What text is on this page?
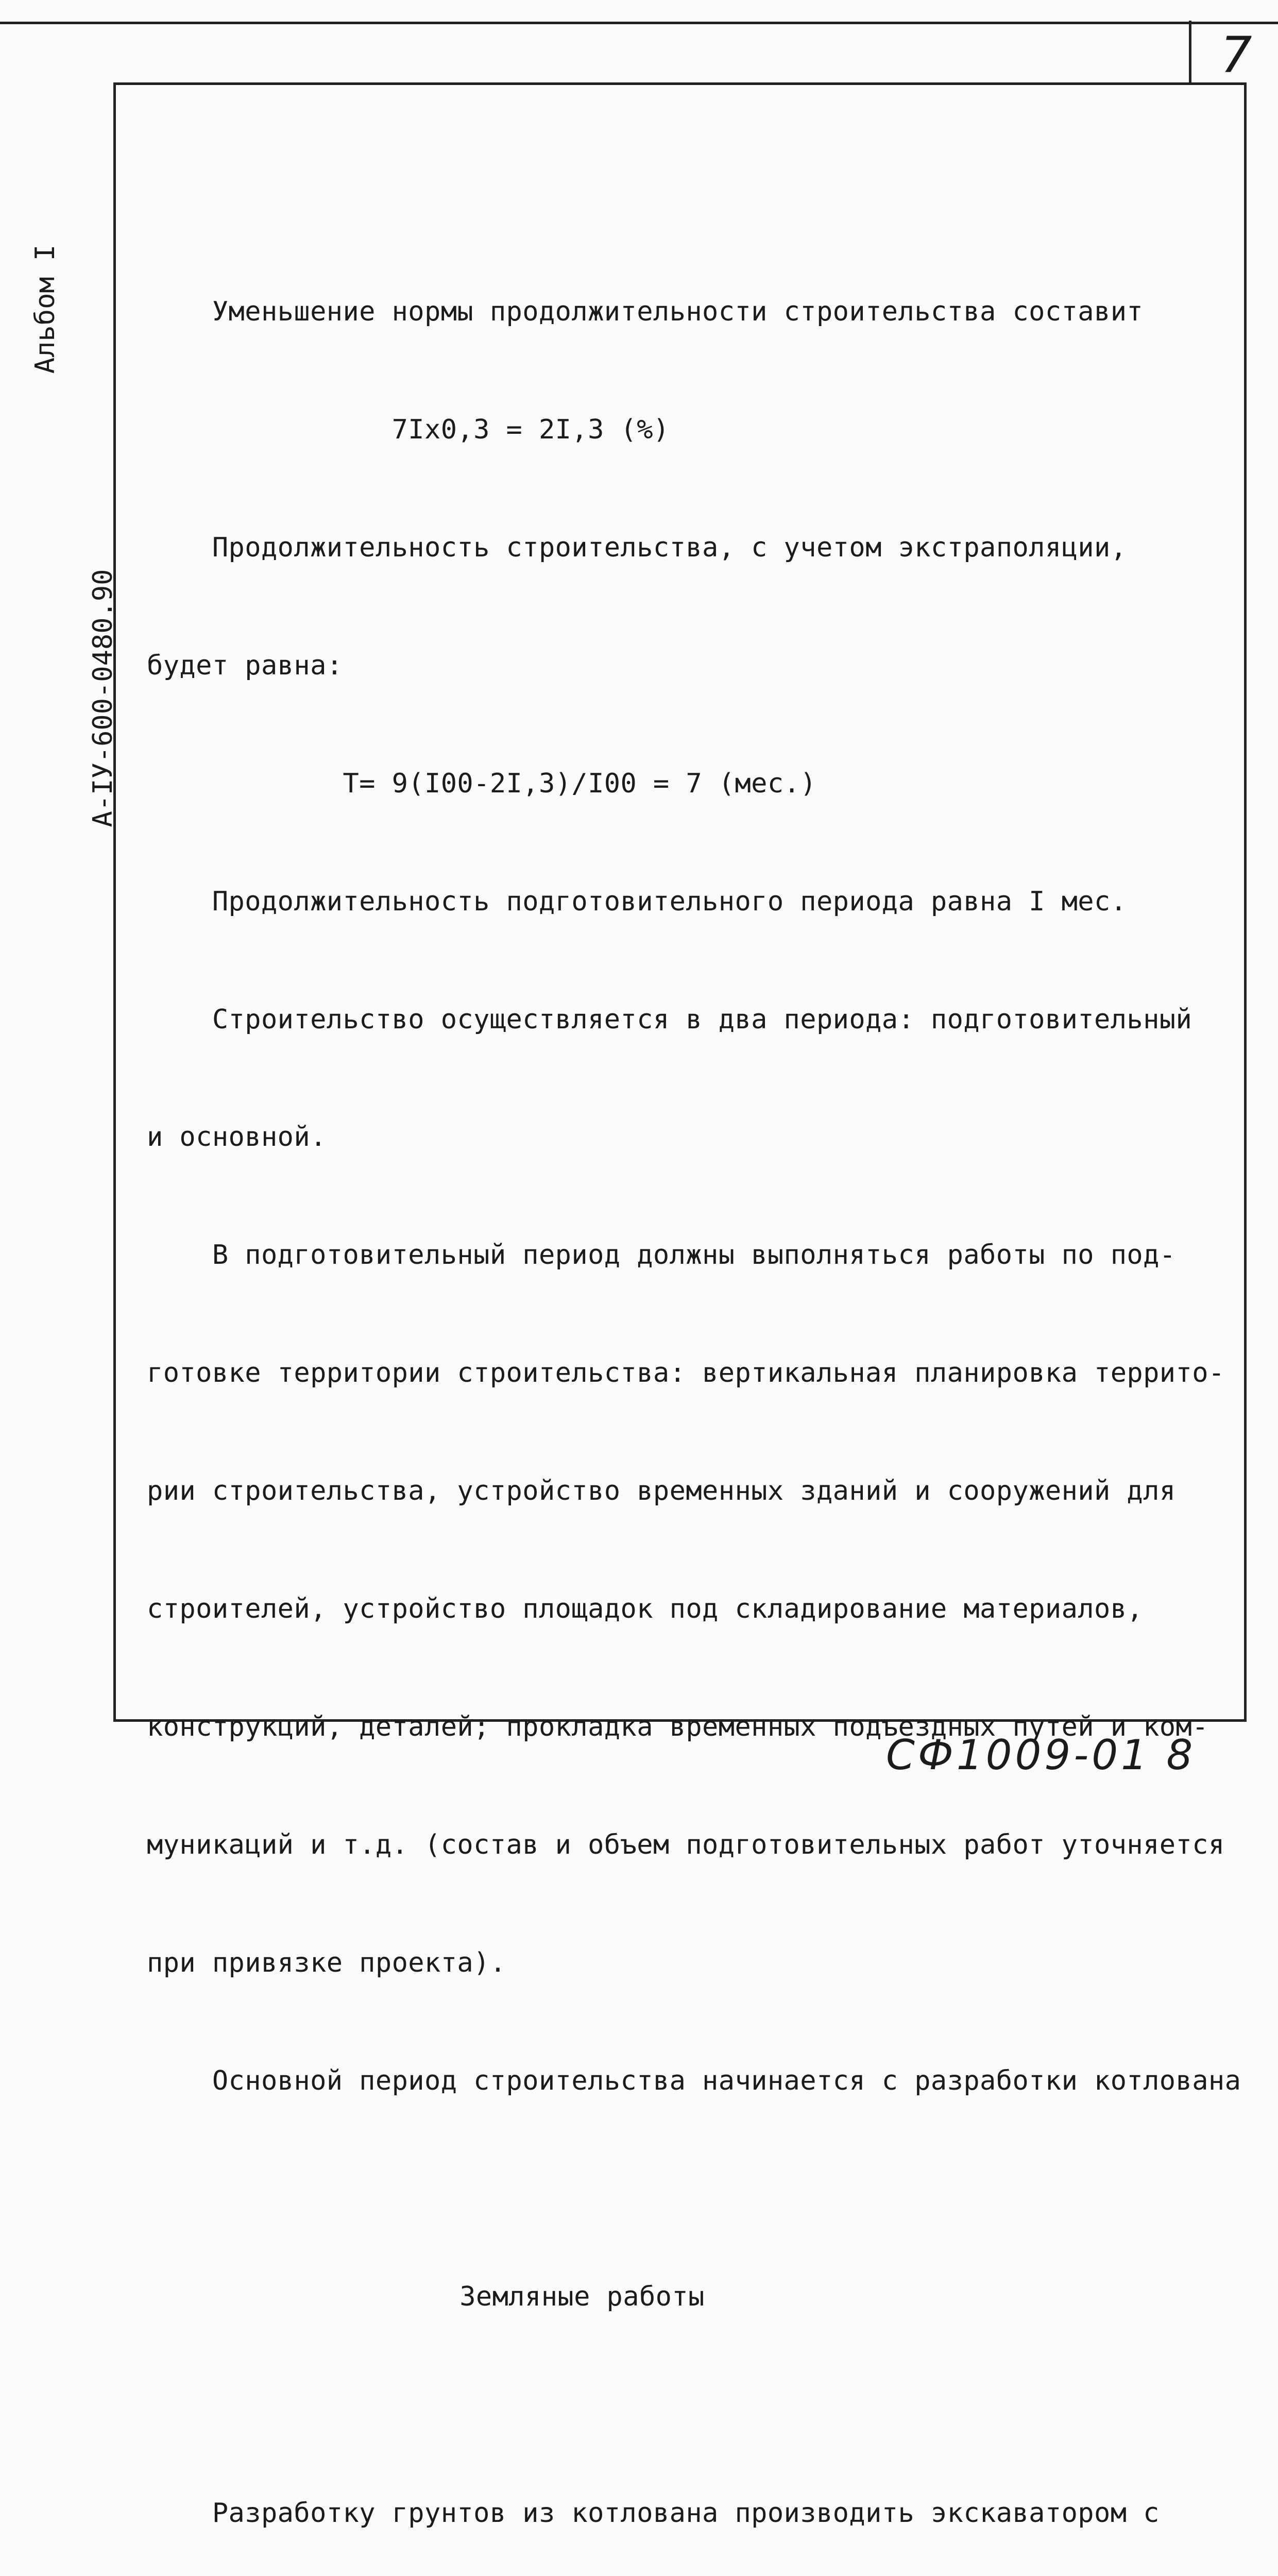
7
Альбом I
А-IУ-600-0480.90

Уменьшение нормы продолжительности строительства составит

7Iх0,3 = 2I,3 (%)

Продолжительность строительства, с учетом экстраполяции,

будет равна:

Т= 9(I00-2I,3)/I00 = 7 (мес.)

Продолжительность подготовительного периода равна I мес.

Строительство осуществляется в два периода: подготовительный

и основной.

В подготовительный период должны выполняться работы по под-

готовке территории строительства: вертикальная планировка террито-

рии строительства, устройство временных зданий и сооружений для

строителей, устройство площадок под складирование материалов,

конструкций, деталей; прокладка временных подъездных путей и ком-

муникаций и т.д. (состав и объем подготовительных работ уточняется

при привязке проекта).

Основной период строительства начинается с разработки котлована

Земляные работы

Разработку грунтов из котлована производить экскаватором с

СФ1009-01 8
